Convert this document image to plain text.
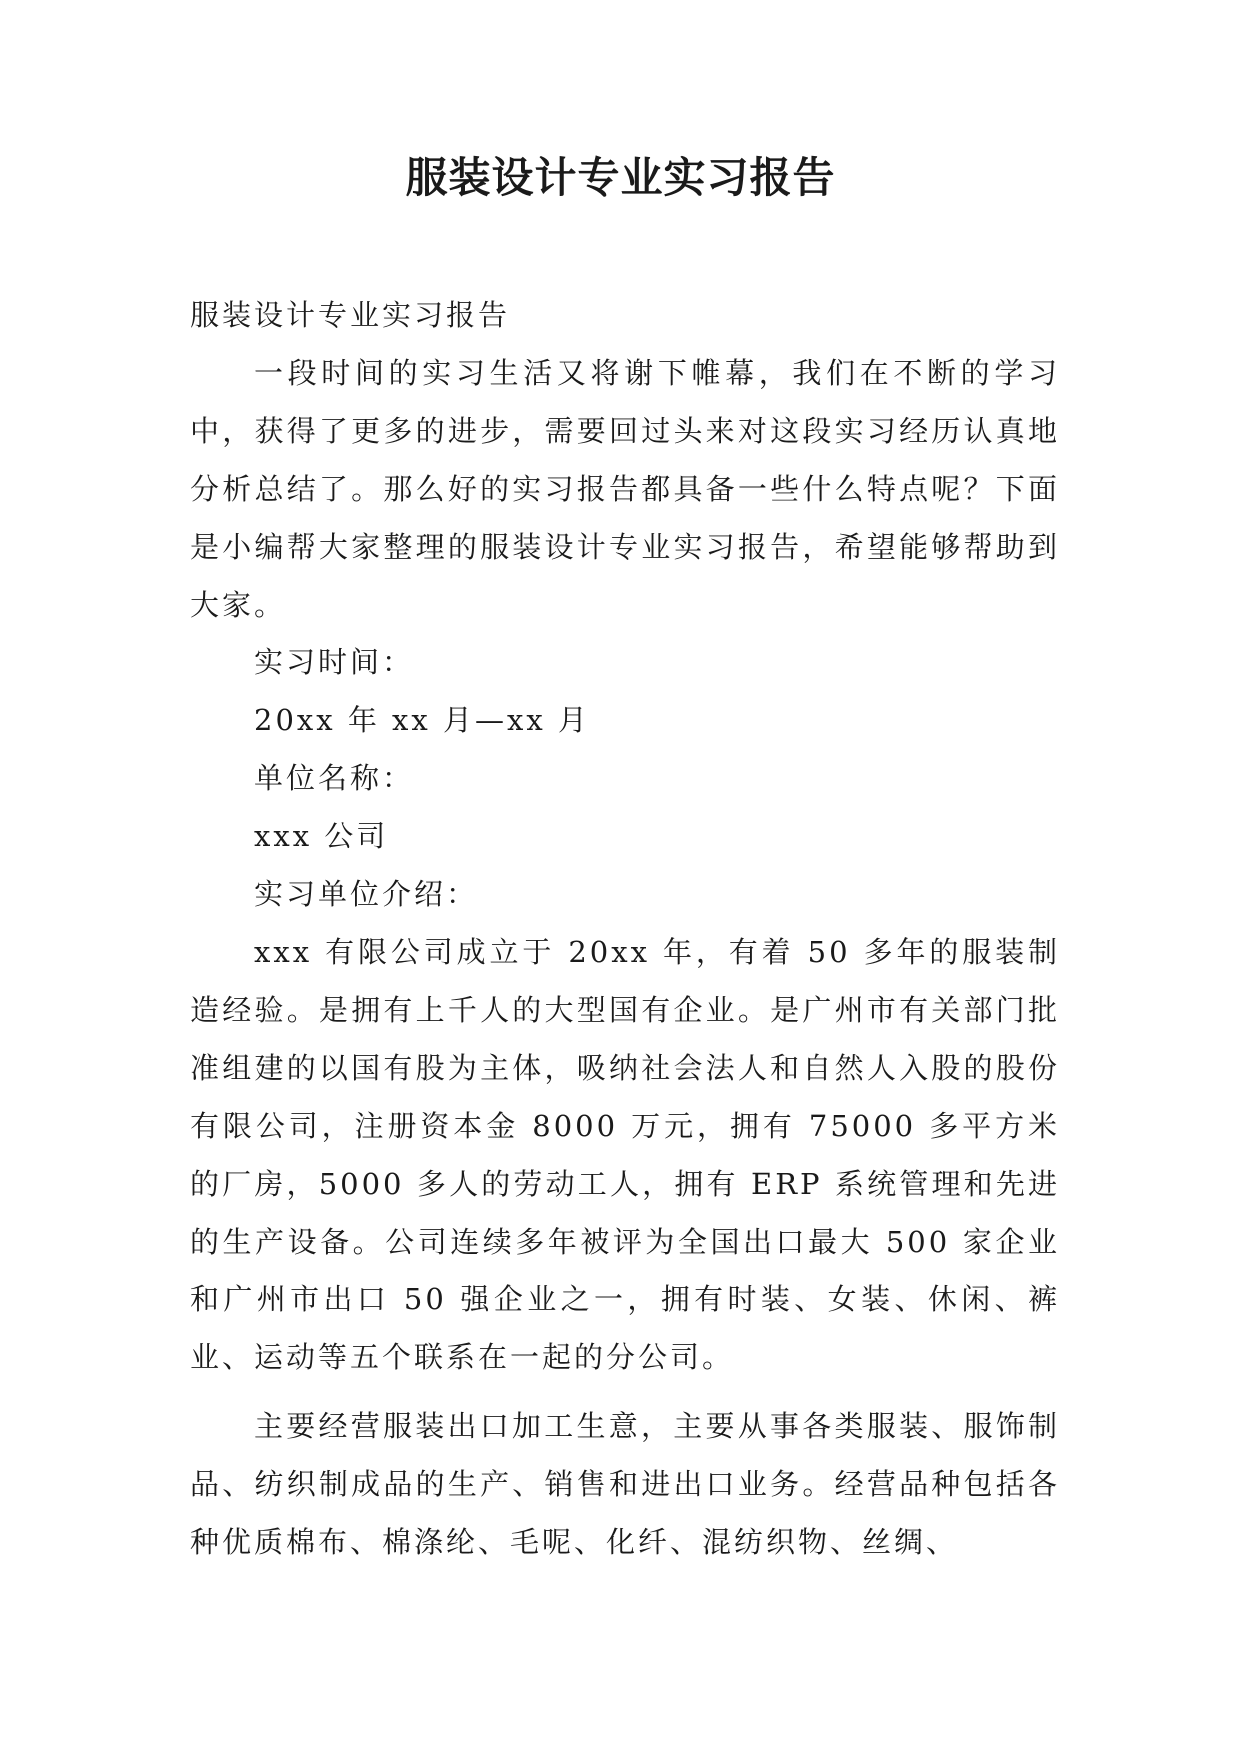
服装设计专业实习报告

服装设计专业实习报告

一段时间的实习生活又将谢下帷幕，我们在不断的学习中，获得了更多的进步，需要回过头来对这段实习经历认真地分析总结了。那么好的实习报告都具备一些什么特点呢？下面是小编帮大家整理的服装设计专业实习报告，希望能够帮助到大家。

实习时间：

20xx 年 xx 月—xx 月

单位名称：

xxx 公司

实习单位介绍：

xxx 有限公司成立于 20xx 年，有着 50 多年的服装制造经验。是拥有上千人的大型国有企业。是广州市有关部门批准组建的以国有股为主体，吸纳社会法人和自然人入股的股份有限公司，注册资本金 8000 万元，拥有 75000 多平方米的厂房，5000 多人的劳动工人，拥有 ERP 系统管理和先进的生产设备。公司连续多年被评为全国出口最大 500 家企业和广州市出口 50 强企业之一，拥有时装、女装、休闲、裤业、运动等五个联系在一起的分公司。

主要经营服装出口加工生意，主要从事各类服装、服饰制品、纺织制成品的生产、销售和进出口业务。经营品种包括各种优质棉布、棉涤纶、毛呢、化纤、混纺织物、丝绸、
